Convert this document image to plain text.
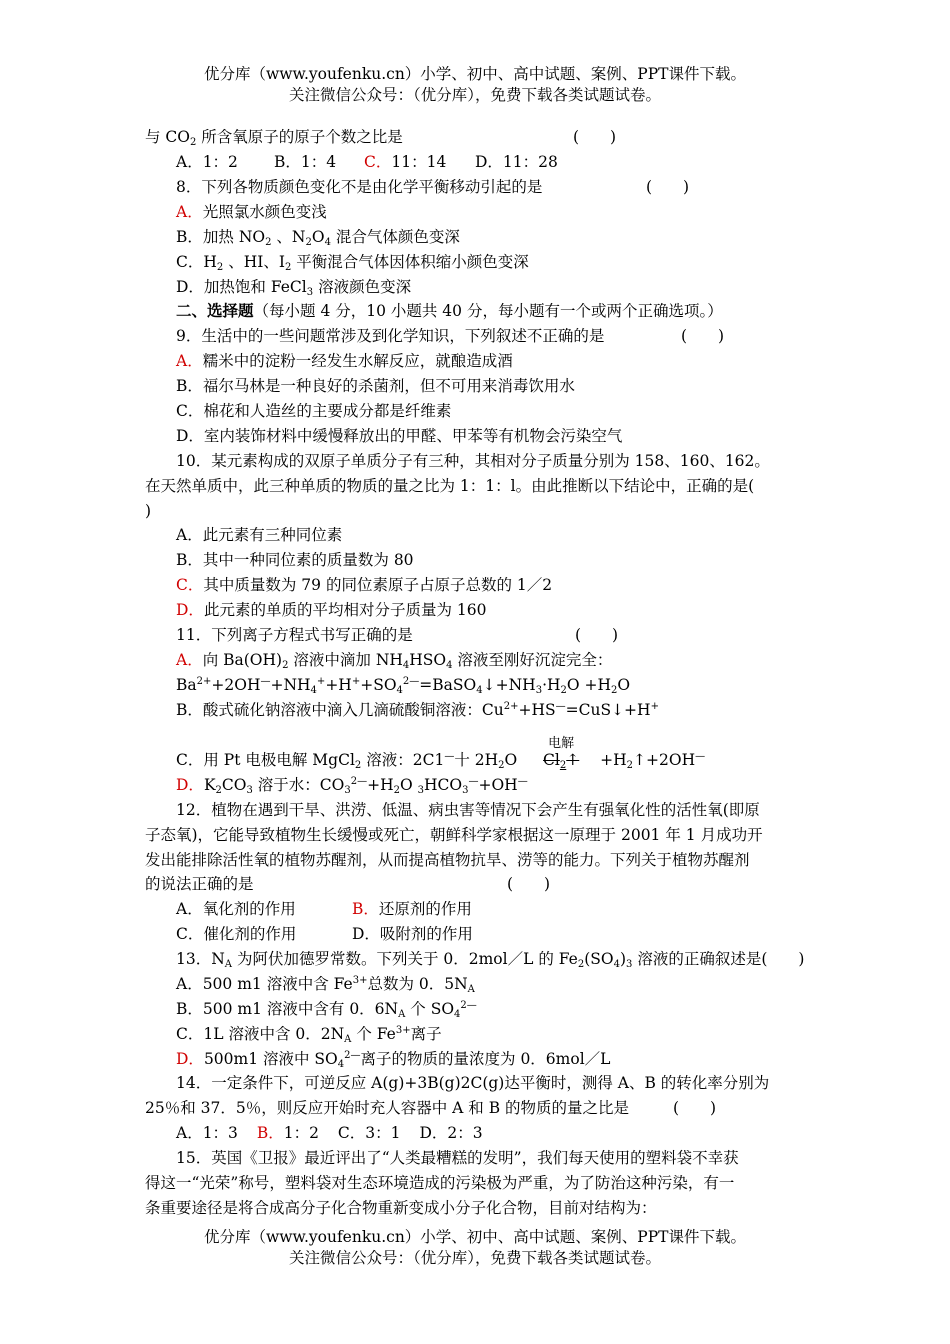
优分库（www.youfenku.cn）小学、初中、高中试题、案例、PPT课件下载。
关注微信公众号：（优分库），免费下载各类试题试卷。
与 $CO_2$ 所含氧原子的原子个数之比是	(　　)
A．1：2 B．1：4 C．11：14 D．11：28
8．下列各物质颜色变化不是由化学平衡移动引起的是	(　　)
A．光照氯水颜色变浅
B．加热 $NO_2$ 、$N_2O_4$ 混合气体颜色变深
C．$H_2$ 、HI、$I_2$ 平衡混合气体因体积缩小颜色变深
D．加热饱和 FeCl$_3$ 溶液颜色变深
二、选择题（每小题 4 分，10 小题共 40 分，每小题有一个或两个正确选项。）
9．生活中的一些问题常涉及到化学知识，下列叙述不正确的是	(　　)
A．糯米中的淀粉一经发生水解反应，就酿造成酒
B．福尔马林是一种良好的杀菌剂，但不可用来消毒饮用水
C．棉花和人造丝的主要成分都是纤维素
D．室内装饰材料中缓慢释放出的甲醛、甲苯等有机物会污染空气
10．某元素构成的双原子单质分子有三种，其相对分子质量分别为 158、160、162。
在天然单质中，此三种单质的物质的量之比为 1：1：l。由此推断以下结论中，正确的是(
)
A．此元素有三种同位素
B．其中一种同位素的质量数为 80
C．其中质量数为 79 的同位素原子占原子总数的 1／2
D．此元素的单质的平均相对分子质量为 160
11．下列离子方程式书写正确的是	(　　)
A．向 $Ba(OH)_2$ 溶液中滴加 $NH_4HSO_4$ 溶液至刚好沉淀完全：
$Ba^{2+}+2OH^—+NH_4^++H^++SO_4^{2—}=BaSO_4↓+NH_3\cdot H_2O +H_2O$
B．酸式硫化钠溶液中滴入几滴硫酸铜溶液：$Cu^{2+}+HS^—=CuS↓+H^+$
C．用 Pt 电极电解 MgCl$_2$ 溶液：2C1—十 $2H_2O$
电解
$Cl_2↑$ $+H_2↑+2OH^—$
D．$K_2CO_3$ 溶于水：$CO_3^{2—}+H_2O$ $_3HCO_3^—+OH^—$
12．植物在遇到干旱、洪涝、低温、病虫害等情况下会产生有强氧化性的活性氧(即原
子态氧)，它能导致植物生长缓慢或死亡，朝鲜科学家根据这一原理于 2001 年 1 月成功开
发出能排除活性氧的植物苏醒剂，从而提高植物抗旱、涝等的能力。下列关于植物苏醒剂
的说法正确的是	(　　)
A．氧化剂的作用	B．还原剂的作用
C．催化剂的作用	D．吸附剂的作用
13．$N_A$ 为阿伏加德罗常数。下列关于 0．2mol／L 的 $Fe_2(SO_4)_3$ 溶液的正确叙述是(　　)
A．500 m1 溶液中含 $Fe^{3+}$总数为 0．$5N_A$
B．500 m1 溶液中含有 0．$6N_A$ 个 $SO_4^{2—}$
C．1L 溶液中含 0．$2N_A$ 个 $Fe^{3+}$离子
D．500m1 溶液中 $SO_4^{2—}$离子的物质的量浓度为 0．6mol／L
14．一定条件下，可逆反应 A(g)+3B(g)2C(g)达平衡时，测得 A、B 的转化率分别为
25％和 37．5％，则反应开始时充人容器中 A 和 B 的物质的量之比是	(　　)
A．1：3 B．1：2 C．3：1 D．2：3
15．英国《卫报》最近评出了“人类最糟糕的发明”，我们每天使用的塑料袋不幸获
得这一“光荣”称号，塑料袋对生态环境造成的污染极为严重，为了防治这种污染，有一
条重要途径是将合成高分子化合物重新变成小分子化合物，目前对结构为：
优分库（www.youfenku.cn）小学、初中、高中试题、案例、PPT课件下载。
关注微信公众号：（优分库），免费下载各类试题试卷。
